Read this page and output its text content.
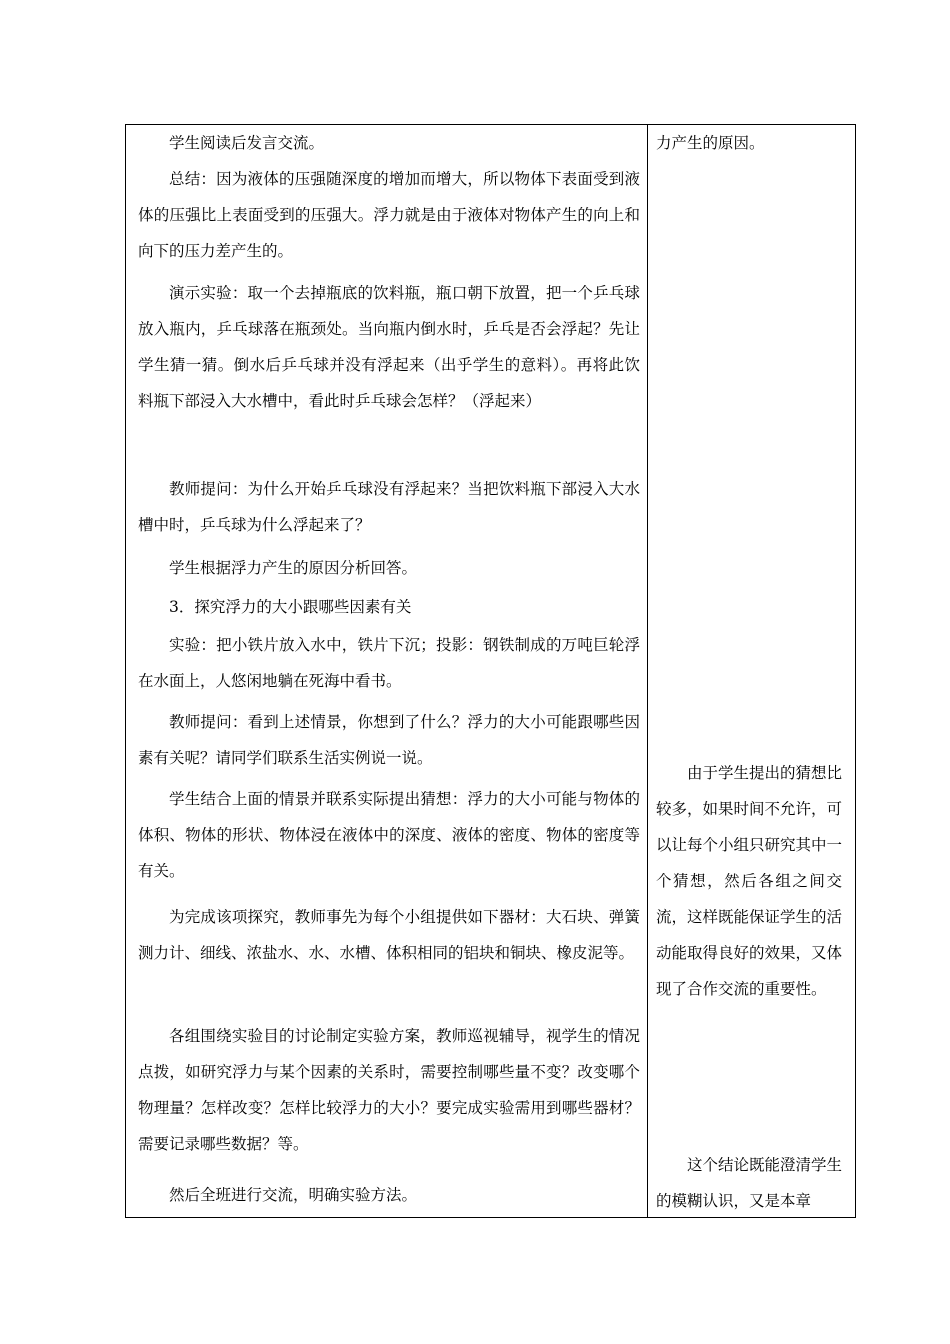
学生阅读后发言交流。

总结：因为液体的压强随深度的增加而增大，所以物体下表面受到液体的压强比上表面受到的压强大。浮力就是由于液体对物体产生的向上和向下的压力差产生的。

演示实验：取一个去掉瓶底的饮料瓶，瓶口朝下放置，把一个乒乓球放入瓶内，乒乓球落在瓶颈处。当向瓶内倒水时，乒乓是否会浮起？先让学生猜一猜。倒水后乒乓球并没有浮起来（出乎学生的意料）。再将此饮料瓶下部浸入大水槽中，看此时乒乓球会怎样？（浮起来）

教师提问：为什么开始乒乓球没有浮起来？当把饮料瓶下部浸入大水槽中时，乒乓球为什么浮起来了？

学生根据浮力产生的原因分析回答。

3．探究浮力的大小跟哪些因素有关

实验：把小铁片放入水中，铁片下沉；投影：钢铁制成的万吨巨轮浮在水面上，人悠闲地躺在死海中看书。

教师提问：看到上述情景，你想到了什么？浮力的大小可能跟哪些因素有关呢？请同学们联系生活实例说一说。

学生结合上面的情景并联系实际提出猜想：浮力的大小可能与物体的体积、物体的形状、物体浸在液体中的深度、液体的密度、物体的密度等有关。

为完成该项探究，教师事先为每个小组提供如下器材：大石块、弹簧测力计、细线、浓盐水、水、水槽、体积相同的铝块和铜块、橡皮泥等。

各组围绕实验目的讨论制定实验方案，教师巡视辅导，视学生的情况点拨，如研究浮力与某个因素的关系时，需要控制哪些量不变？改变哪个物理量？怎样改变？怎样比较浮力的大小？要完成实验需用到哪些器材？需要记录哪些数据？等。

然后全班进行交流，明确实验方法。

力产生的原因。

由于学生提出的猜想比较多，如果时间不允许，可以让每个小组只研究其中一个猜想，然后各组之间交流，这样既能保证学生的活动能取得良好的效果，又体现了合作交流的重要性。

这个结论既能澄清学生的模糊认识，又是本章
